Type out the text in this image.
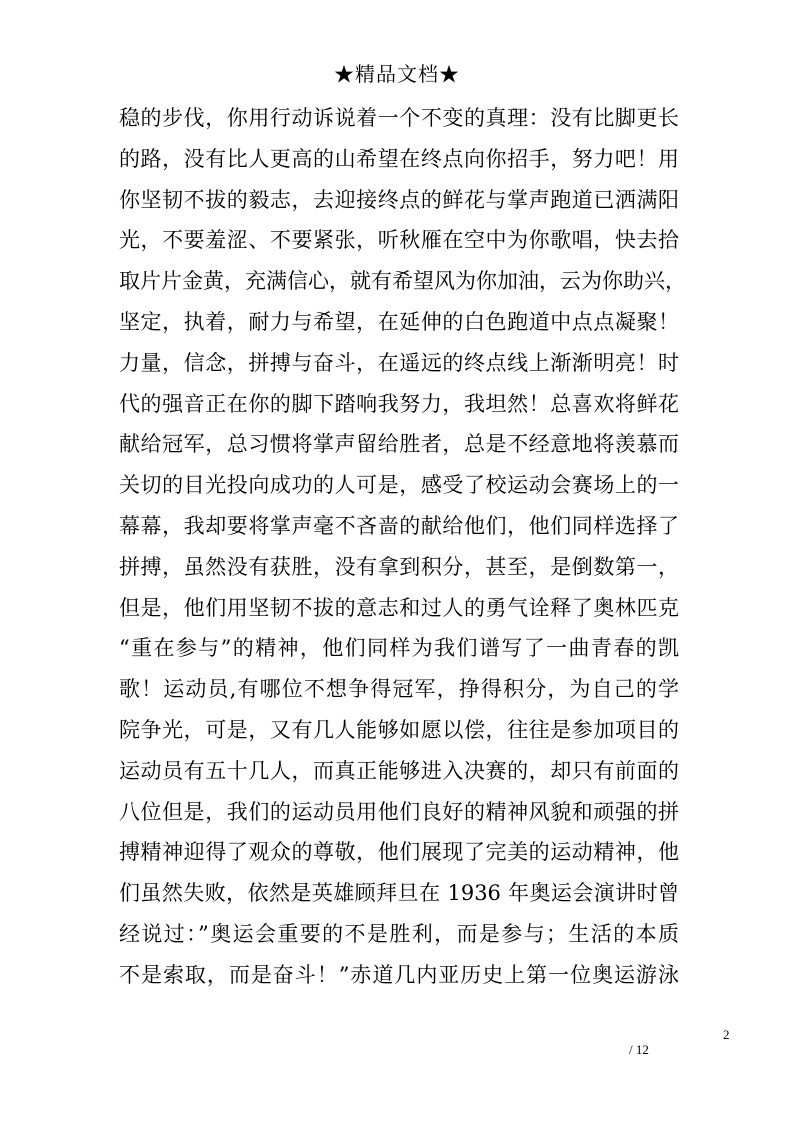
★精品文档★
稳的步伐，你用行动诉说着一个不变的真理：没有比脚更长
的路，没有比人更高的山希望在终点向你招手，努力吧！用
你坚韧不拔的毅志，去迎接终点的鲜花与掌声跑道已洒满阳
光，不要羞涩、不要紧张，听秋雁在空中为你歌唱，快去拾
取片片金黄，充满信心，就有希望风为你加油，云为你助兴，
坚定，执着，耐力与希望，在延伸的白色跑道中点点凝聚！
力量，信念，拼搏与奋斗，在遥远的终点线上渐渐明亮！时
代的强音正在你的脚下踏响我努力，我坦然！总喜欢将鲜花
献给冠军，总习惯将掌声留给胜者，总是不经意地将羡慕而
关切的目光投向成功的人可是，感受了校运动会赛场上的一
幕幕，我却要将掌声毫不吝啬的献给他们，他们同样选择了
拼搏，虽然没有获胜，没有拿到积分，甚至，是倒数第一，
但是，他们用坚韧不拔的意志和过人的勇气诠释了奥林匹克
“重在参与”的精神，他们同样为我们谱写了一曲青春的凯
歌！运动员,有哪位不想争得冠军，挣得积分，为自己的学
院争光，可是，又有几人能够如愿以偿，往往是参加项目的
运动员有五十几人，而真正能够进入决赛的，却只有前面的
八位但是，我们的运动员用他们良好的精神风貌和顽强的拼
搏精神迎得了观众的尊敬，他们展现了完美的运动精神，他
们虽然失败，依然是英雄顾拜旦在 1936 年奥运会演讲时曾
经说过：”奥运会重要的不是胜利，而是参与；生活的本质
不是索取，而是奋斗！”赤道几内亚历史上第一位奥运游泳
2
/ 12
